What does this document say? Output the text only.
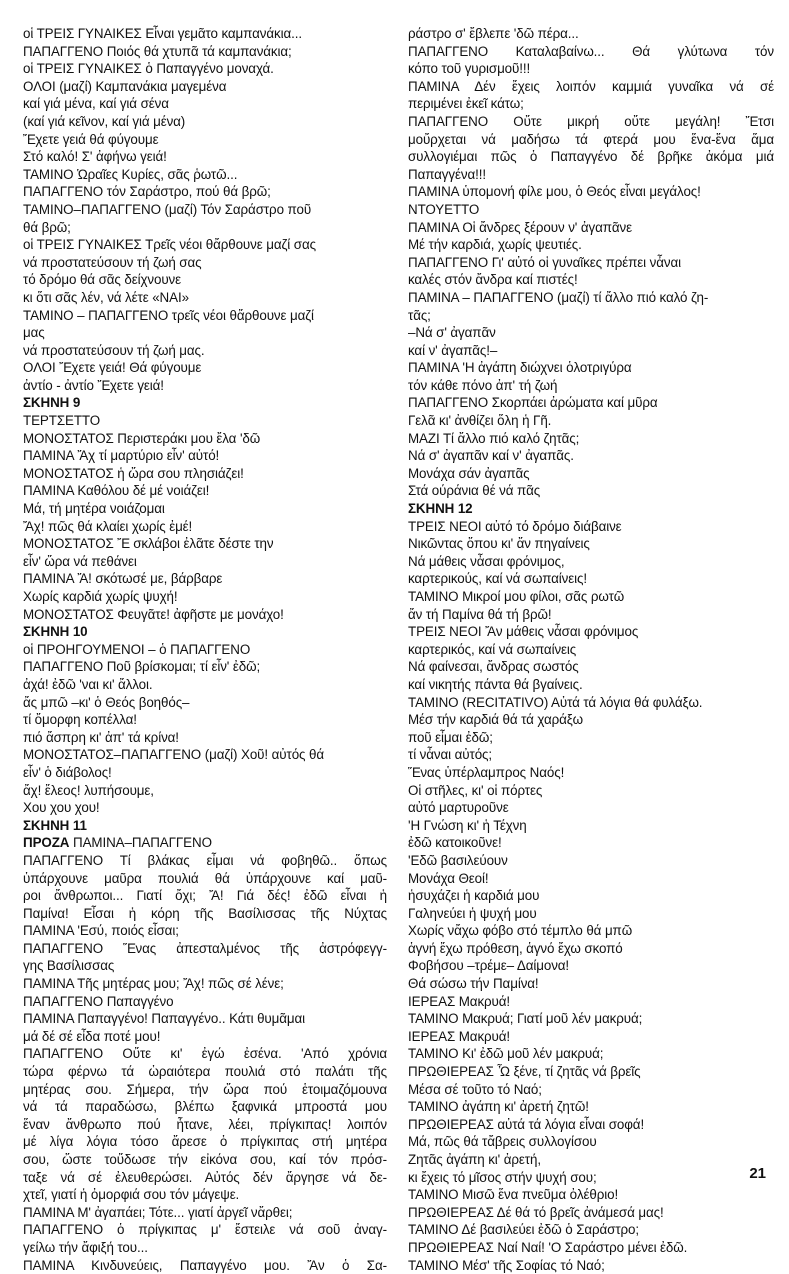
οἱ ΤΡΕΙΣ ΓΥΝΑΙΚΕΣ Εἶναι γεμᾶτο καμπανάκια...
ΠΑΠΑΓΓΕΝΟ Ποιός θά χτυπᾶ τά καμπανάκια;
οἱ ΤΡΕΙΣ ΓΥΝΑΙΚΕΣ ὁ Παπαγγένο μοναχά.
ΟΛΟΙ (μαζί) Καμπανάκια μαγεμένα
καί γιά μένα, καί γιά σένα
(καί γιά κεῖνον, καί γιά μένα)
Ἔχετε γειά θά φύγουμε
Στό καλό! Σ' ἀφήνω γειά!
ΤΑΜΙΝΟ Ὡραῖες Κυρίες, σᾶς ῥωτῶ...
ΠΑΠΑΓΓΕΝΟ τόν Σαράστρο, πού θά βρῶ;
ΤΑΜΙΝΟ–ΠΑΠΑΓΓΕΝΟ (μαζί) Τόν Σαράστρο ποῦ
θά βρῶ;
οἱ ΤΡΕΙΣ ΓΥΝΑΙΚΕΣ Τρεῖς νέοι θἄρθουνε μαζί σας
νά προστατεύσουν τή ζωή σας
τό δρόμο θά σᾶς δείχνουνε
κι ὅτι σᾶς λέν, νά λέτε «ΝΑΙ»
ΤΑΜΙΝΟ – ΠΑΠΑΓΓΕΝΟ τρεῖς νέοι θἄρθουνε μαζί
μας
νά προστατεύσουν τή ζωή μας.
ΟΛΟΙ Ἔχετε γειά! Θά φύγουμε
ἀντίο - ἀντίο Ἔχετε γειά!
ΣΚΗΝΗ 9
ΤΕΡΤΣΕΤΤΟ
ΜΟΝΟΣΤΑΤΟΣ Περιστεράκι μου ἔλα 'δῶ
ΠΑΜΙΝΑ Ἄχ τί μαρτύριο εἶν' αὐτό!
ΜΟΝΟΣΤΑΤΟΣ ἡ ὥρα σου πλησιάζει!
ΠΑΜΙΝΑ Καθόλου δέ μέ νοιάζει!
Μά, τή μητέρα νοιάζομαι
Ἄχ! πῶς θά κλαίει χωρίς ἐμέ!
ΜΟΝΟΣΤΑΤΟΣ Ἔ σκλάβοι ἐλᾶτε δέστε την
εἶν' ὥρα νά πεθάνει
ΠΑΜΙΝΑ Ἄ! σκότωσέ με, βάρβαρε
Χωρίς καρδιά χωρίς ψυχή!
ΜΟΝΟΣΤΑΤΟΣ Φευγᾶτε! ἀφῆστε με μονάχο!
ΣΚΗΝΗ 10
οἱ ΠΡΟΗΓΟΥΜΕΝΟΙ – ὁ ΠΑΠΑΓΓΕΝΟ
ΠΑΠΑΓΓΕΝΟ Ποῦ βρίσκομαι; τί εἶν' ἐδῶ;
ἀχά! ἐδῶ 'ναι κι' ἄλλοι.
ἄς μπῶ –κι' ὁ Θεός βοηθός–
τί ὄμορφη κοπέλλα!
πιό ἄσπρη κι' ἀπ' τά κρίνα!
ΜΟΝΟΣΤΑΤΟΣ–ΠΑΠΑΓΓΕΝΟ (μαζί) Χοῦ! αὐτός θά
εἶν' ὁ διάβολος!
ἄχ! ἔλεος! λυπήσουμε,
Χου χου χου!
ΣΚΗΝΗ 11
ΠΡΟΖΑ ΠΑΜΙΝΑ–ΠΑΠΑΓΓΕΝΟ
ΠΑΠΑΓΓΕΝΟ Τί βλάκας εἶμαι νά φοβηθῶ.. ὅπως
ὑπάρχουνε μαῦρα πουλιά θά ὑπάρχουνε καί μαῦ-
ροι ἄνθρωποι... Γιατί ὄχι; Ἄ! Γιά δές! ἐδῶ εἶναι ἡ
Παμίνα! Εἶσαι ἡ κόρη τῆς Βασίλισσας τῆς Νύχτας
ΠΑΜΙΝΑ 'Εσύ, ποιός εἶσαι;
ΠΑΠΑΓΓΕΝΟ Ἕνας ἀπεσταλμένος τῆς ἀστρόφεγγ-
γης Βασίλισσας
ΠΑΜΙΝΑ Τῆς μητέρας μου; Ἄχ! πῶς σέ λένε;
ΠΑΠΑΓΓΕΝΟ Παπαγγένο
ΠΑΜΙΝΑ Παπαγγένο! Παπαγγένο.. Κάτι θυμᾶμαι
μά δέ σέ εἶδα ποτέ μου!
ΠΑΠΑΓΓΕΝΟ Οὔτε κι' ἐγώ ἐσένα. 'Από χρόνια
τώρα φέρνω τά ὡραιότερα πουλιά στό παλάτι τῆς
μητέρας σου. Σήμερα, τήν ὥρα πού ἑτοιμαζόμουνα
νά τά παραδώσω, βλέπω ξαφνικά μπροστά μου
ἕναν ἄνθρωπο πού ἦτανε, λέει, πρίγκιπας! λοιπόν
μέ λίγα λόγια τόσο ἄρεσε ὁ πρίγκιπας στή μητέρα
σου, ὥστε τοὔδωσε τήν εἰκόνα σου, καί τόν πρόσ-
ταξε νά σέ ἐλευθερώσει. Αὐτός δέν ἄργησε νά δε-
χτεῖ, γιατί ἡ ὀμορφιά σου τόν μάγεψε.
ΠΑΜΙΝΑ Μ' ἀγαπάει; Τότε... γιατί ἀργεῖ νἄρθει;
ΠΑΠΑΓΓΕΝΟ ὁ πρίγκιπας μ' ἔστειλε νά σοῦ ἀναγ-
γείλω τήν ἄφιξή του...
ΠΑΜΙΝΑ Κινδυνεύεις, Παπαγγένο μου. Ἄν ὁ Σα-
ράστρο σ' ἔβλεπε 'δῶ πέρα...
ΠΑΠΑΓΓΕΝΟ Καταλαβαίνω... Θά γλύτωνα τόν
κόπο τοῦ γυρισμοῦ!!!
ΠΑΜΙΝΑ Δέν ἔχεις λοιπόν καμμιά γυναῖκα νά σέ
περιμένει ἐκεῖ κάτω;
ΠΑΠΑΓΓΕΝΟ Οὔτε μικρή οὔτε μεγάλη! Ἔτσι
μοὔρχεται νά μαδήσω τά φτερά μου ἕνα-ἕνα ἅμα
συλλογιέμαι πῶς ὁ Παπαγγένο δέ βρῆκε ἀκόμα μιά
Παπαγγένα!!!
ΠΑΜΙΝΑ ὑπομονή φίλε μου, ὁ Θεός εἶναι μεγάλος!
ΝΤΟΥΕΤΤΟ
ΠΑΜΙΝΑ Οἱ ἄνδρες ξέρουν ν' ἀγαπᾶνε
Μέ τήν καρδιά, χωρίς ψευτιές.
ΠΑΠΑΓΓΕΝΟ Γι' αὐτό οἱ γυναῖκες πρέπει νἆναι
καλές στόν ἄνδρα καί πιστές!
ΠΑΜΙΝΑ – ΠΑΠΑΓΓΕΝΟ (μαζί) τί ἄλλο πιό καλό ζη-
τᾶς;
–Νά σ' ἀγαπᾶν
καί ν' ἀγαπᾶς!–
ΠΑΜΙΝΑ 'Η ἀγάπη διώχνει ὁλοτριγύρα
τόν κάθε πόνο ἀπ' τή ζωή
ΠΑΠΑΓΓΕΝΟ Σκορπάει ἀρώματα καί μῦρα
Γελᾶ κι' ἀνθίζει ὅλη ἡ Γῆ.
ΜΑΖΙ Τί ἄλλο πιό καλό ζητᾶς;
Νά σ' ἀγαπᾶν καί ν' ἀγαπᾶς.
Μονάχα σάν ἀγαπᾶς
Στά ούράνια θέ νά πᾶς
ΣΚΗΝΗ 12
ΤΡΕΙΣ ΝΕΟΙ αὐτό τό δρόμο διάβαινε
Νικῶντας ὅπου κι' ἄν πηγαίνεις
Νά μάθεις νἆσαι φρόνιμος,
καρτερικούς, καί νά σωπαίνεις!
ΤΑΜΙΝΟ Μικροί μου φίλοι, σᾶς ρωτῶ
ἄν τή Παμίνα θά τή βρῶ!
ΤΡΕΙΣ ΝΕΟΙ Ἄν μάθεις νἆσαι φρόνιμος
καρτερικός, καί νά σωπαίνεις
Νά φαίνεσαι, ἄνδρας σωστός
καί νικητής πάντα θά βγαίνεις.
ΤΑΜΙΝΟ (RECITATIVO) Αὐτά τά λόγια θά φυλάξω.
Μέσ τήν καρδιά θά τά χαράξω
ποῦ εἶμαι ἐδῶ;
τί νἆναι αὐτός;
Ἕνας ὑπέρλαμπρος Ναός!
Οἱ στῆλες, κι' οἱ πόρτες
αὐτό μαρτυροῦνε
'Η Γνώση κι' ἡ Τέχνη
ἐδῶ κατοικοῦνε!
'Εδῶ βασιλεύουν
Μονάχα Θεοί!
ἡσυχάζει ἡ καρδιά μου
Γαληνεύει ἡ ψυχή μου
Χωρίς νἄχω φόβο στό τέμπλο θά μπῶ
ἁγνή ἔχω πρόθεση, ἁγνό ἔχω σκοπό
Φοβήσου –τρέμε– Δαίμονα!
Θά σώσω τήν Παμίνα!
ΙΕΡΕΑΣ Μακρυά!
ΤΑΜΙΝΟ Μακρυά; Γιατί μοῦ λέν μακρυά;
ΙΕΡΕΑΣ Μακρυά!
ΤΑΜΙΝΟ Κι' ἐδῶ μοῦ λέν μακρυά;
ΠΡΩΘΙΕΡΕΑΣ Ὦ ξένε, τί ζητᾶς νά βρεῖς
Μέσα σέ τοῦτο τό Ναό;
ΤΑΜΙΝΟ ἀγάπη κι' ἀρετή ζητῶ!
ΠΡΩΘΙΕΡΕΑΣ αὐτά τά λόγια εἶναι σοφά!
Μά, πῶς θά τἄβρεις συλλογίσου
Ζητᾶς ἀγάπη κι' ἀρετή,
κι ἔχεις τό μῖσος στήν ψυχή σου;
ΤΑΜΙΝΟ Μισῶ ἕνα πνεῦμα ὀλέθριο!
ΠΡΩΘΙΕΡΕΑΣ Δέ θά τό βρεῖς ἀνάμεσά μας!
ΤΑΜΙΝΟ Δέ βασιλεύει ἐδῶ ὁ Σαράστρο;
ΠΡΩΘΙΕΡΕΑΣ Ναί Ναί! 'Ο Σαράστρο μένει ἐδῶ.
ΤΑΜΙΝΟ Μέσ' τῆς Σοφίας τό Ναό;
21
